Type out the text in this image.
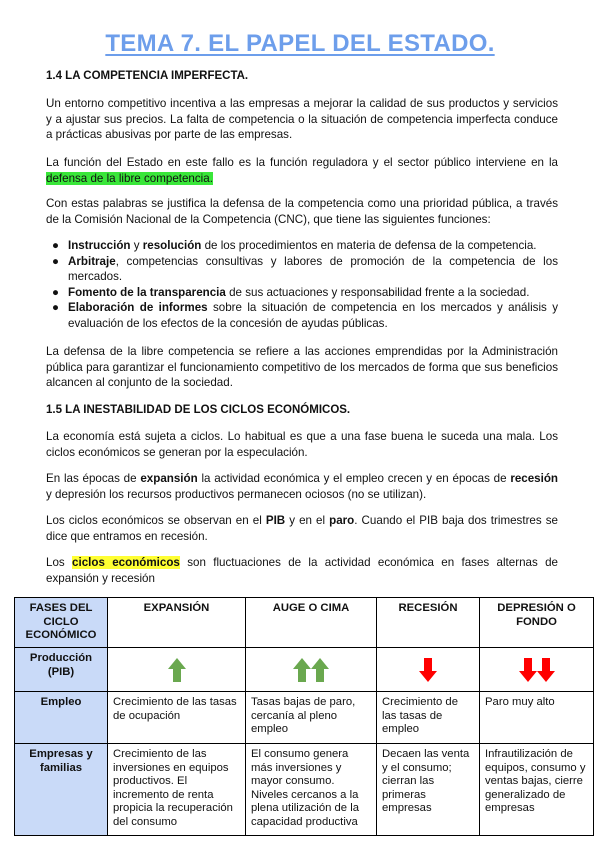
TEMA 7. EL PAPEL DEL ESTADO.
1.4 LA COMPETENCIA IMPERFECTA.

Un entorno competitivo incentiva a las empresas a mejorar la calidad de sus productos y servicios y a ajustar sus precios. La falta de competencia o la situación de competencia imperfecta conduce a prácticas abusivas por parte de las empresas.

La función del Estado en este fallo es la función reguladora y el sector público interviene en la defensa de la libre competencia.

Con estas palabras se justifica la defensa de la competencia como una prioridad pública, a través de la Comisión Nacional de la Competencia (CNC), que tiene las siguientes funciones:

● Instrucción y resolución de los procedimientos en materia de defensa de la competencia.
● Arbitraje, competencias consultivas y labores de promoción de la competencia de los mercados.
● Fomento de la transparencia de sus actuaciones y responsabilidad frente a la sociedad.
● Elaboración de informes sobre la situación de competencia en los mercados y análisis y evaluación de los efectos de la concesión de ayudas públicas.

La defensa de la libre competencia se refiere a las acciones emprendidas por la Administración pública para garantizar el funcionamiento competitivo de los mercados de forma que sus beneficios alcancen al conjunto de la sociedad.

1.5 LA INESTABILIDAD DE LOS CICLOS ECONÓMICOS.

La economía está sujeta a ciclos. Lo habitual es que a una fase buena le suceda una mala. Los ciclos económicos se generan por la especulación.

En las épocas de expansión la actividad económica y el empleo crecen y en épocas de recesión y depresión los recursos productivos permanecen ociosos (no se utilizan).

Los ciclos económicos se observan en el PIB y en el paro. Cuando el PIB baja dos trimestres se dice que entramos en recesión.

Los ciclos económicos son fluctuaciones de la actividad económica en fases alternas de expansión y recesión

FASES DEL CICLO ECONÓMICO	EXPANSIÓN	AUGE O CIMA	RECESIÓN	DEPRESIÓN O FONDO
Producción (PIB)				
Empleo	Crecimiento de las tasas de ocupación	Tasas bajas de paro, cercanía al pleno empleo	Crecimiento de las tasas de empleo	Paro muy alto
Empresas y familias	Crecimiento de las inversiones en equipos productivos. El incremento de renta propicia la recuperación del consumo	El consumo genera más inversiones y mayor consumo. Niveles cercanos a la plena utilización de la capacidad productiva	Decaen las venta y el consumo; cierran las primeras empresas	Infrautilización de equipos, consumo y ventas bajas, cierre generalizado de empresas
